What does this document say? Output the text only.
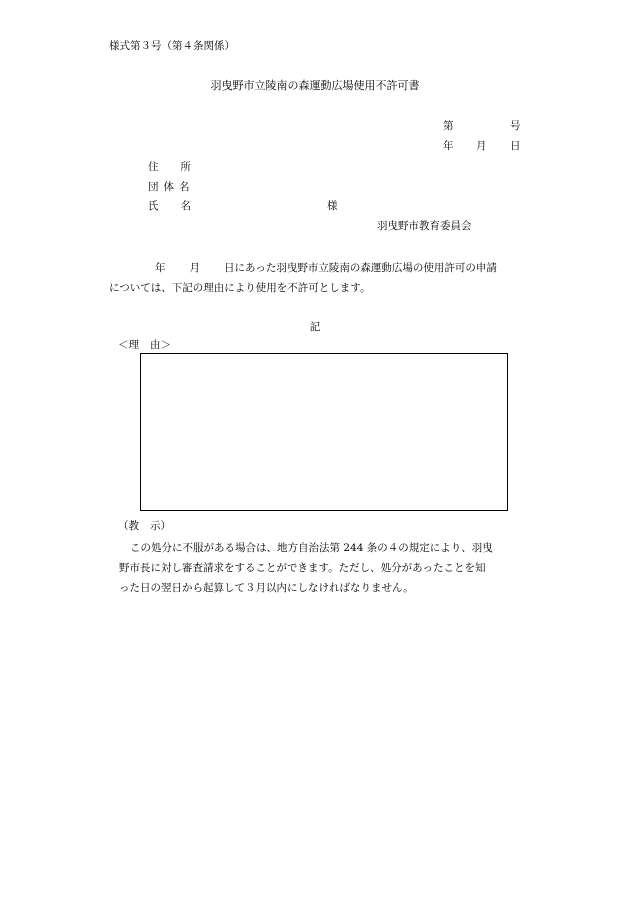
様式第３号（第４条関係）
羽曳野市立陵南の森運動広場使用不許可書
第	号
年 月 日
住 所
団 体 名
氏 名	様
羽曳野市教育委員会
年 月 日にあった羽曳野市立陵南の森運動広場の使用許可の申請
については、下記の理由により使用を不許可とします。
記
＜理 由＞
（教 示）
この処分に不服がある場合は、地方自治法第 244 条の４の規定により、羽曳
野市長に対し審査請求をすることができます。ただし、処分があったことを知
った日の翌日から起算して３月以内にしなければなりません。
